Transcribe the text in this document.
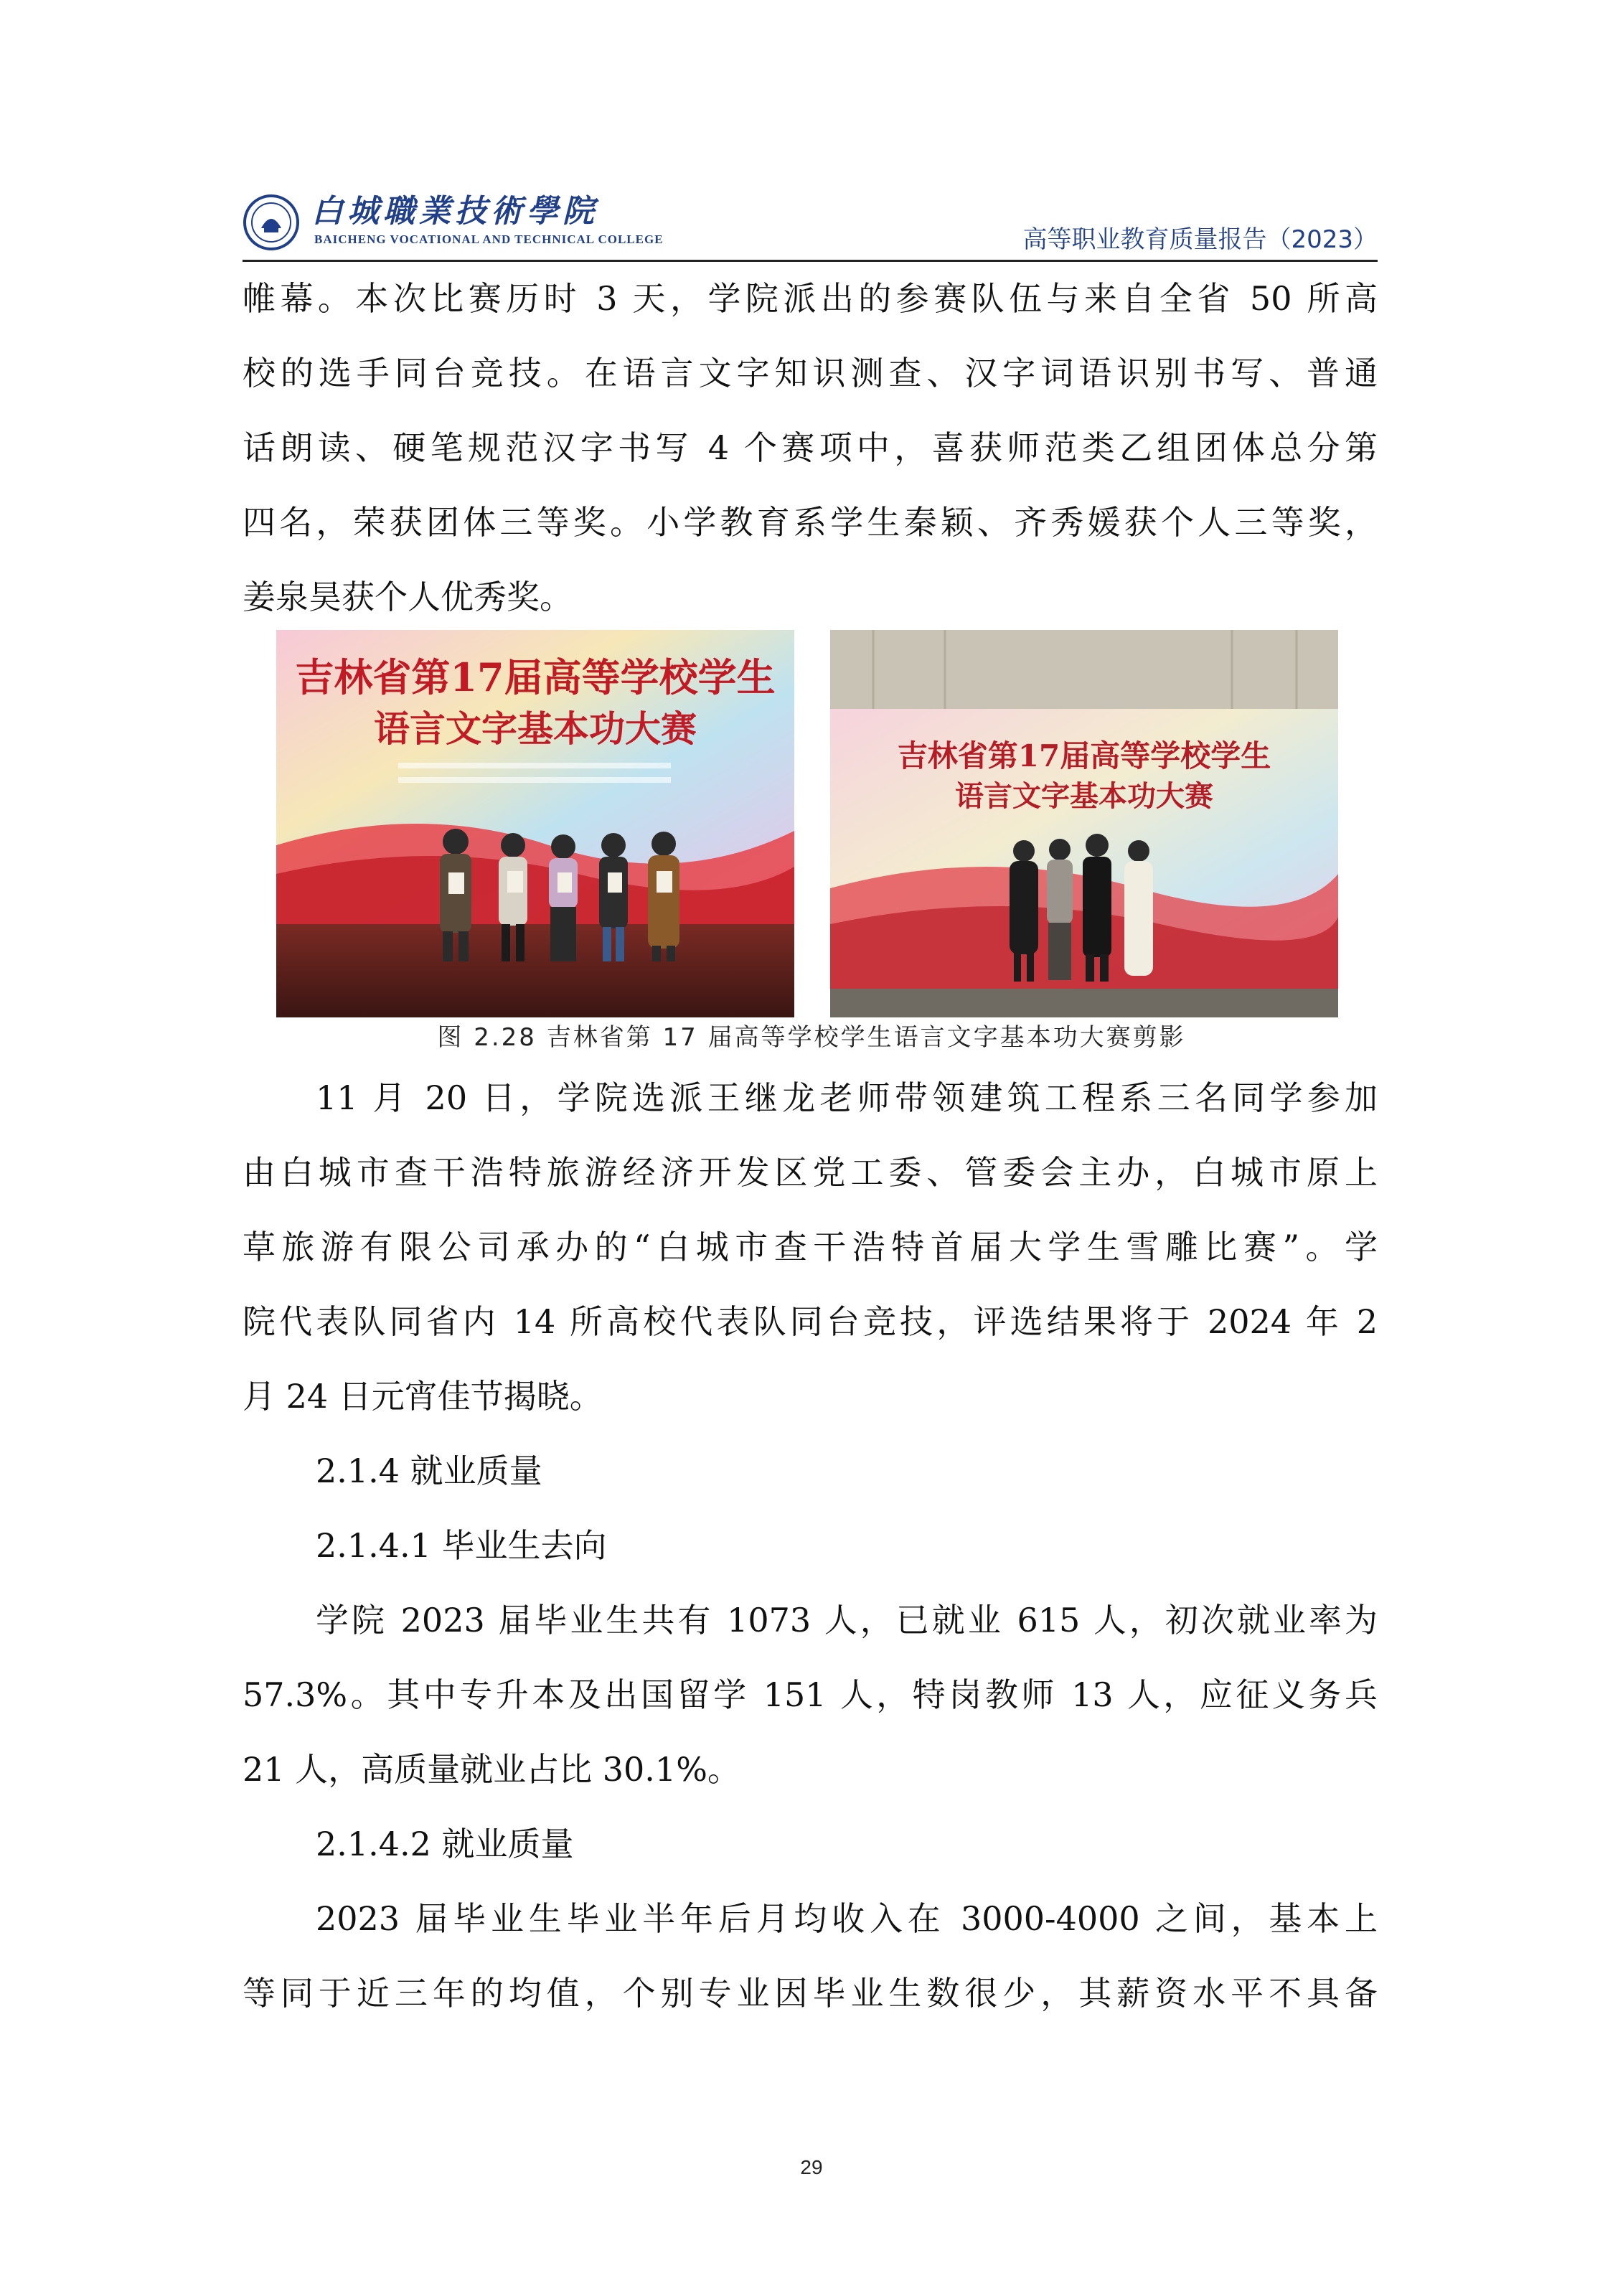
白城職業技術學院
BAICHENG VOCATIONAL AND TECHNICAL COLLEGE	高等职业教育质量报告（2023）
帷幕。本次比赛历时 3 天，学院派出的参赛队伍与来自全省 50 所高
校的选手同台竞技。在语言文字知识测查、汉字词语识别书写、普通
话朗读、硬笔规范汉字书写 4 个赛项中，喜获师范类乙组团体总分第
四名，荣获团体三等奖。小学教育系学生秦颖、齐秀媛获个人三等奖，
姜泉昊获个人优秀奖。
吉林省第17届高等学校学生
语言文字基本功大赛
吉林省第17届高等学校学生
语言文字基本功大赛
图 2.28 吉林省第 17 届高等学校学生语言文字基本功大赛剪影
11 月 20 日，学院选派王继龙老师带领建筑工程系三名同学参加
由白城市查干浩特旅游经济开发区党工委、管委会主办，白城市原上
草旅游有限公司承办的“白城市查干浩特首届大学生雪雕比赛”。学
院代表队同省内 14 所高校代表队同台竞技，评选结果将于 2024 年 2
月 24 日元宵佳节揭晓。
2.1.4 就业质量
2.1.4.1 毕业生去向
学院 2023 届毕业生共有 1073 人，已就业 615 人，初次就业率为
57.3%。其中专升本及出国留学 151 人，特岗教师 13 人，应征义务兵
21 人，高质量就业占比 30.1%。
2.1.4.2 就业质量
2023 届毕业生毕业半年后月均收入在 3000-4000 之间，基本上
等同于近三年的均值，个别专业因毕业生数很少，其薪资水平不具备
29
